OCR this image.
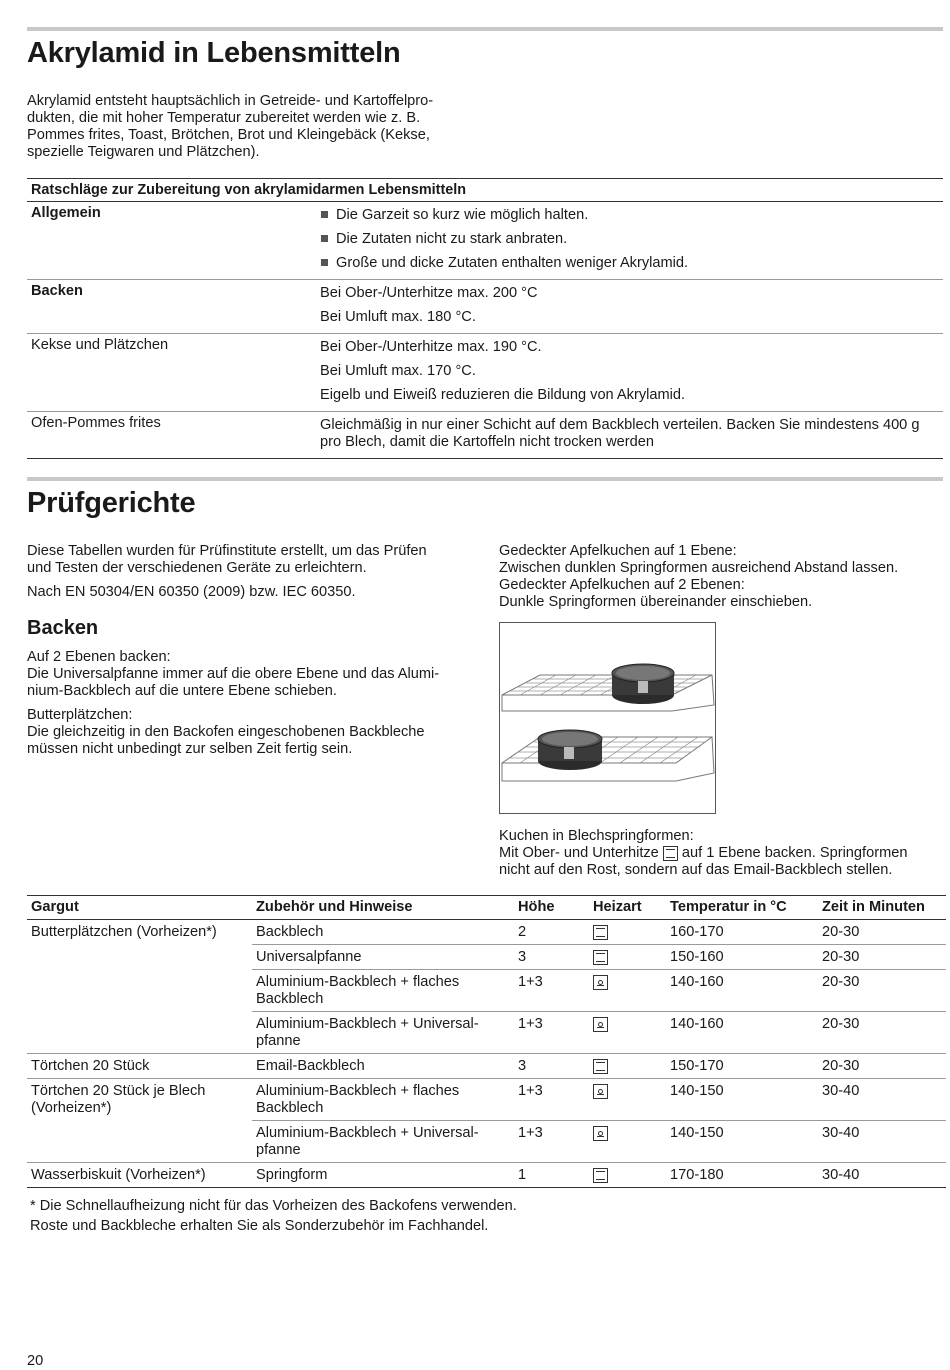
Akrylamid in Lebensmitteln

Akrylamid entsteht hauptsächlich in Getreide- und Kartoffelpro-
dukten, die mit hoher Temperatur zubereitet werden wie z. B.
Pommes frites, Toast, Brötchen, Brot und Kleingebäck (Kekse,
spezielle Teigwaren und Plätzchen).

Ratschläge zur Zubereitung von akrylamidarmen Lebensmitteln
Allgemein	Die Garzeit so kurz wie möglich halten.
Die Zutaten nicht zu stark anbraten.
Große und dicke Zutaten enthalten weniger Akrylamid.
Backen	Bei Ober-/Unterhitze max. 200 °C
Bei Umluft max. 180 °C.
Kekse und Plätzchen	Bei Ober-/Unterhitze max. 190 °C.
Bei Umluft max. 170 °C.
Eigelb und Eiweiß reduzieren die Bildung von Akrylamid.
Ofen-Pommes frites	Gleichmäßig in nur einer Schicht auf dem Backblech verteilen. Backen Sie mindestens 400 g pro Blech, damit die Kartoffeln nicht trocken werden
Prüfgerichte

Diese Tabellen wurden für Prüfinstitute erstellt, um das Prüfen
und Testen der verschiedenen Geräte zu erleichtern.

Nach EN 50304/EN 60350 (2009) bzw. IEC 60350.

Backen

Auf 2 Ebenen backen:
Die Universalpfanne immer auf die obere Ebene und das Alumi-
nium-Backblech auf die untere Ebene schieben.

Butterplätzchen:
Die gleichzeitig in den Backofen eingeschobenen Backbleche
müssen nicht unbedingt zur selben Zeit fertig sein.

Gedeckter Apfelkuchen auf 1 Ebene:
Zwischen dunklen Springformen ausreichend Abstand lassen.
Gedeckter Apfelkuchen auf 2 Ebenen:
Dunkle Springformen übereinander einschieben.

Kuchen in Blechspringformen:

Mit Ober- und Unterhitze auf 1 Ebene backen. Springformen

nicht auf den Rost, sondern auf das Email-Backblech stellen.

Gargut	Zubehör und Hinweise	Höhe	Heizart	Temperatur in °C	Zeit in Minuten
Butterplätzchen (Vorheizen*)	Backblech	2		160-170	20-30
	Universalpfanne	3		150-160	20-30
	Aluminium-Backblech + flaches
Backblech	1+3		140-160	20-30
	Aluminium-Backblech + Universal-
pfanne	1+3		140-160	20-30
Törtchen 20 Stück	Email-Backblech	3		150-170	20-30
Törtchen 20 Stück je Blech
(Vorheizen*)	Aluminium-Backblech + flaches
Backblech	1+3		140-150	30-40
	Aluminium-Backblech + Universal-
pfanne	1+3		140-150	30-40
Wasserbiskuit (Vorheizen*)	Springform	1		170-180	30-40

* Die Schnellaufheizung nicht für das Vorheizen des Backofens verwenden.

Roste und Backbleche erhalten Sie als Sonderzubehör im Fachhandel.

20
